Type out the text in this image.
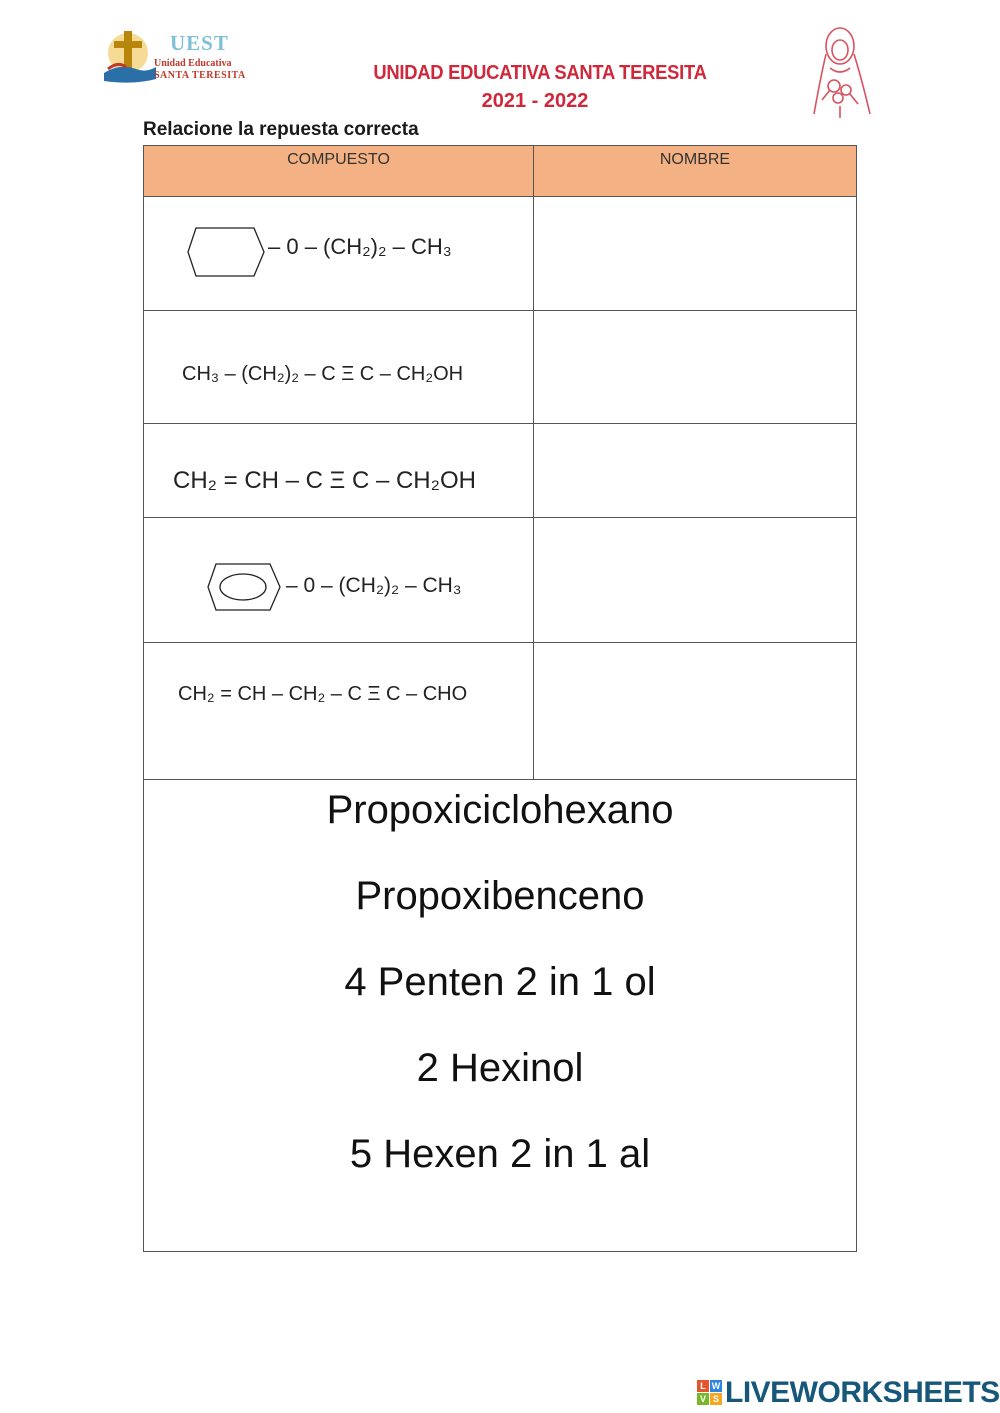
UEST
Unidad Educativa
SANTA TERESITA	UNIDAD EDUCATIVA SANTA TERESITA
2021 - 2022
Relacione la repuesta correcta
COMPUESTO	NOMBRE
– 0 – (CH₂)₂ – CH₃
CH₃ – (CH₂)₂ – C Ξ C – CH₂OH
CH₂ = CH – C Ξ C – CH₂OH
– 0 – (CH₂)₂ – CH₃
CH₂ = CH – CH₂ – C Ξ C – CHO
Propoxiciclohexano
Propoxibenceno
4 Penten 2 in 1 ol
2 Hexinol
5 Hexen 2 in 1 al
L W
V S LIVEWORKSHEETS
